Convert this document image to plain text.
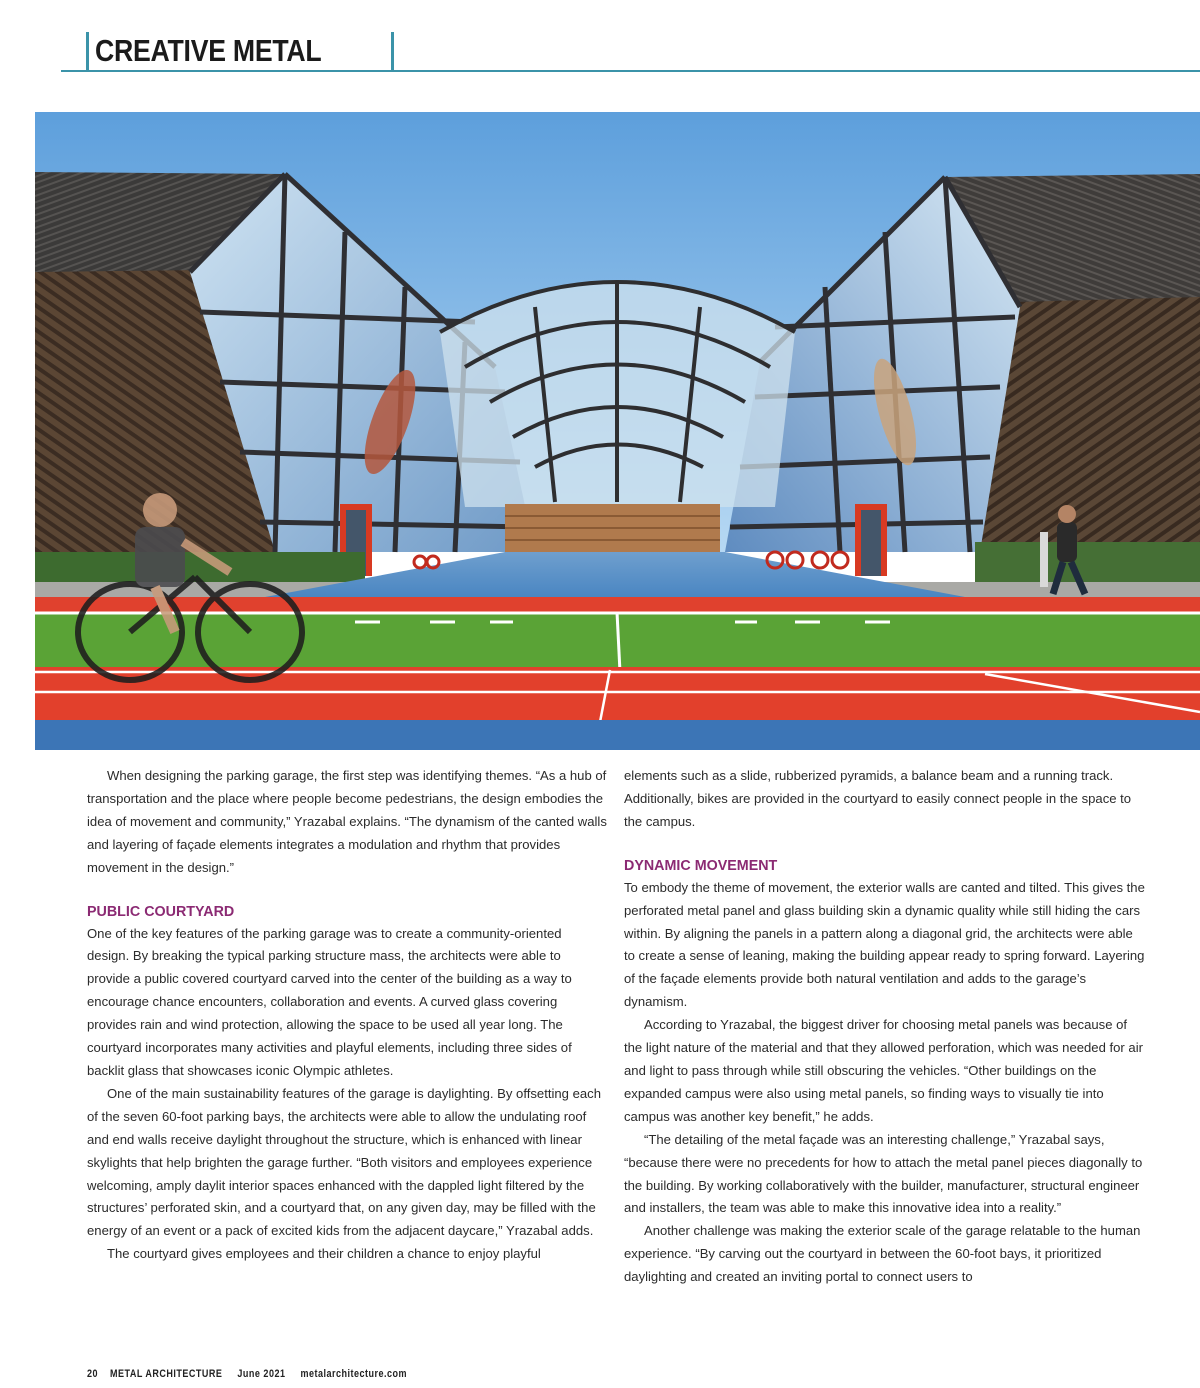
CREATIVE METAL

When designing the parking garage, the first step was identifying themes. “As a hub of transportation and the place where people become pedestrians, the design embodies the idea of movement and community,” Yrazabal explains. “The dynamism of the canted walls and layering of façade elements integrates a modulation and rhythm that provides movement in the design.”

PUBLIC COURTYARD

One of the key features of the parking garage was to create a community-oriented design. By breaking the typical parking structure mass, the architects were able to provide a public covered courtyard carved into the center of the building as a way to encourage chance encounters, collaboration and events. A curved glass covering provides rain and wind protection, allowing the space to be used all year long. The courtyard incorporates many activities and playful elements, including three sides of backlit glass that showcases iconic Olympic athletes.

One of the main sustainability features of the garage is daylighting. By offsetting each of the seven 60-foot parking bays, the architects were able to allow the undulating roof and end walls receive daylight throughout the structure, which is enhanced with linear skylights that help brighten the garage further. “Both visitors and employees experience welcoming, amply daylit interior spaces enhanced with the dappled light filtered by the structures’ perforated skin, and a courtyard that, on any given day, may be filled with the energy of an event or a pack of excited kids from the adjacent daycare,” Yrazabal adds.

The courtyard gives employees and their children a chance to enjoy playful

elements such as a slide, rubberized pyramids, a balance beam and a running track. Additionally, bikes are provided in the courtyard to easily connect people in the space to the campus.

DYNAMIC MOVEMENT

To embody the theme of movement, the exterior walls are canted and tilted. This gives the perforated metal panel and glass building skin a dynamic quality while still hiding the cars within. By aligning the panels in a pattern along a diagonal grid, the architects were able to create a sense of leaning, making the building appear ready to spring forward. Layering of the façade elements provide both natural ventilation and adds to the garage’s dynamism.

According to Yrazabal, the biggest driver for choosing metal panels was because of the light nature of the material and that they allowed perforation, which was needed for air and light to pass through while still obscuring the vehicles. “Other buildings on the expanded campus were also using metal panels, so finding ways to visually tie into campus was another key benefit,” he adds.

“The detailing of the metal façade was an interesting challenge,” Yrazabal says, “because there were no precedents for how to attach the metal panel pieces diagonally to the building. By working collaboratively with the builder, manufacturer, structural engineer and installers, the team was able to make this innovative idea into a reality.”

Another challenge was making the exterior scale of the garage relatable to the human experience. “By carving out the courtyard in between the 60-foot bays, it prioritized daylighting and created an inviting portal to connect users to

20 METAL ARCHITECTURE June 2021 metalarchitecture.com
